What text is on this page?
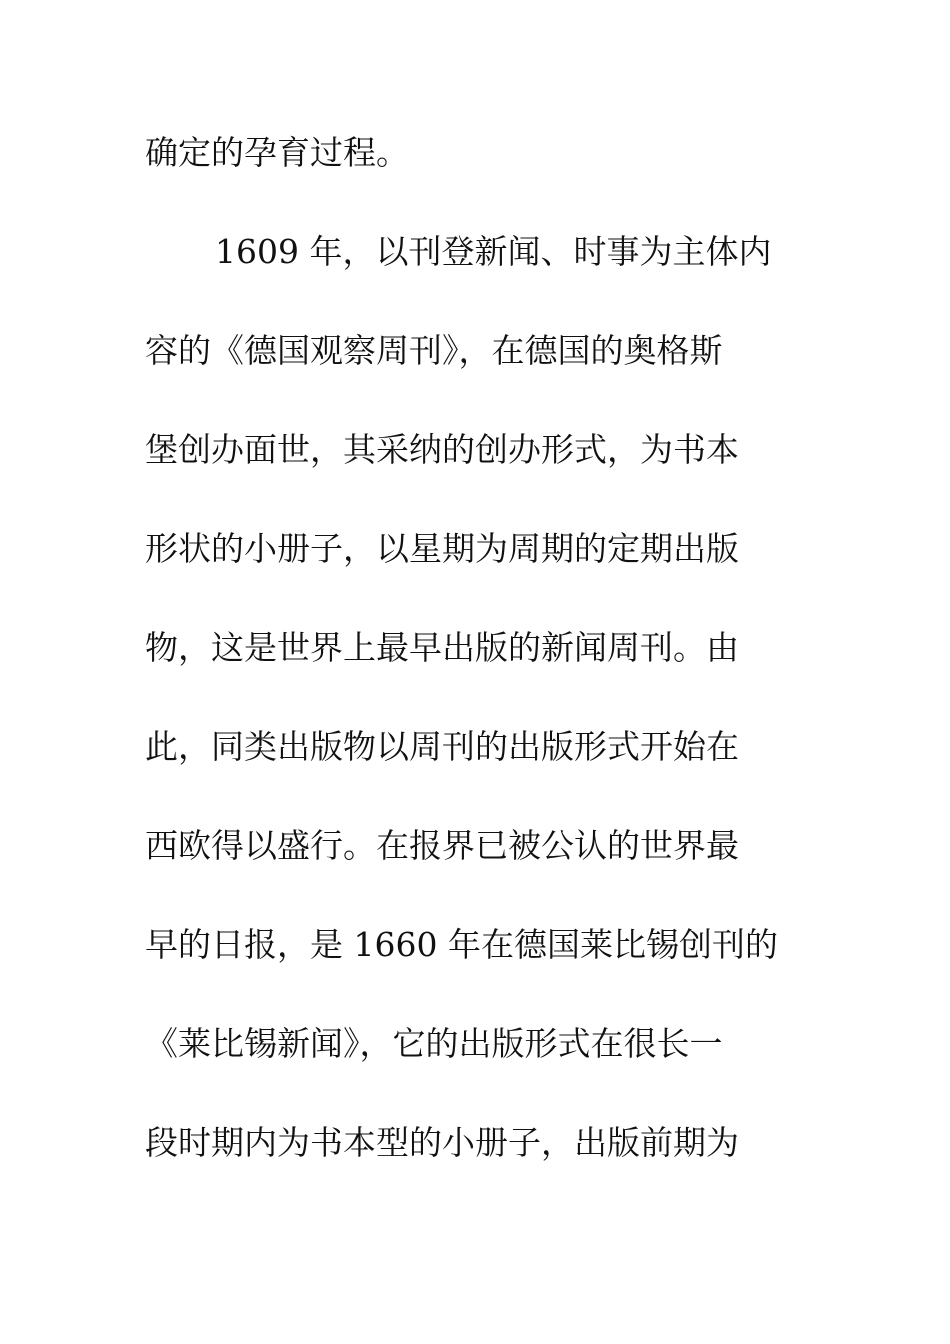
确定的孕育过程。
1609 年，以刊登新闻、时事为主体内
容的《德国观察周刊》，在德国的奥格斯
堡创办面世，其采纳的创办形式，为书本
形状的小册子，以星期为周期的定期出版
物，这是世界上最早出版的新闻周刊。由
此，同类出版物以周刊的出版形式开始在
西欧得以盛行。在报界已被公认的世界最
早的日报，是 1660 年在德国莱比锡创刊的
《莱比锡新闻》，它的出版形式在很长一
段时期内为书本型的小册子，出版前期为
